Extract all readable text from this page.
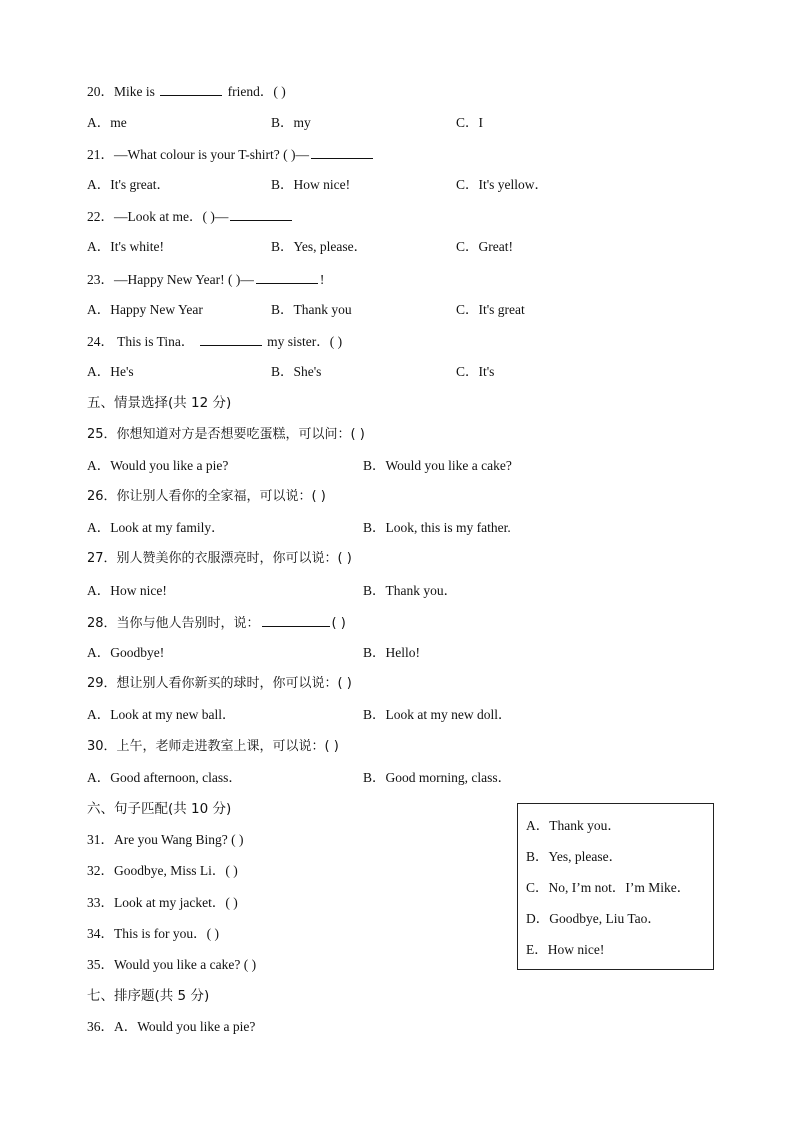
20．Mike is	friend．( )
A．me	B．my	C．I
21．—What colour is your T-shirt? ( )—
A．It's great．	B．How nice!	C．It's yellow．
22．—Look at me．( )—
A．It's white!	B．Yes, please．	C．Great!
23．—Happy New Year! ( )—	!
A．Happy New Year	B．Thank you	C．It's great
24． This is Tina．	my sister．( )
A．He's	B．She's	C．It's
五、情景选择(共 12 分)
25．你想知道对方是否想要吃蛋糕，可以问：( )
A．Would you like a pie?	B．Would you like a cake?
26．你让别人看你的全家福，可以说：( )
A．Look at my family．	B．Look, this is my father.
27．别人赞美你的衣服漂亮时，你可以说：( )
A．How nice!	B．Thank you．
28．当你与他人告别时，说：	( )
A．Goodbye!	B．Hello!
29．想让别人看你新买的球时，你可以说：( )
A．Look at my new ball．	B．Look at my new doll．
30．上午，老师走进教室上课，可以说：( )
A．Good afternoon, class．	B．Good morning, class．
六、句子匹配(共 10 分)
31．Are you Wang Bing? ( )
32．Goodbye, Miss Li．( )
33．Look at my jacket．( )
34．This is for you．( )
35．Would you like a cake? ( )
A．Thank you．
B．Yes, please．
C．No, I’m not．I’m Mike．
D．Goodbye, Liu Tao．
E．How nice!
七、排序题(共 5 分)
36．A．Would you like a pie?
